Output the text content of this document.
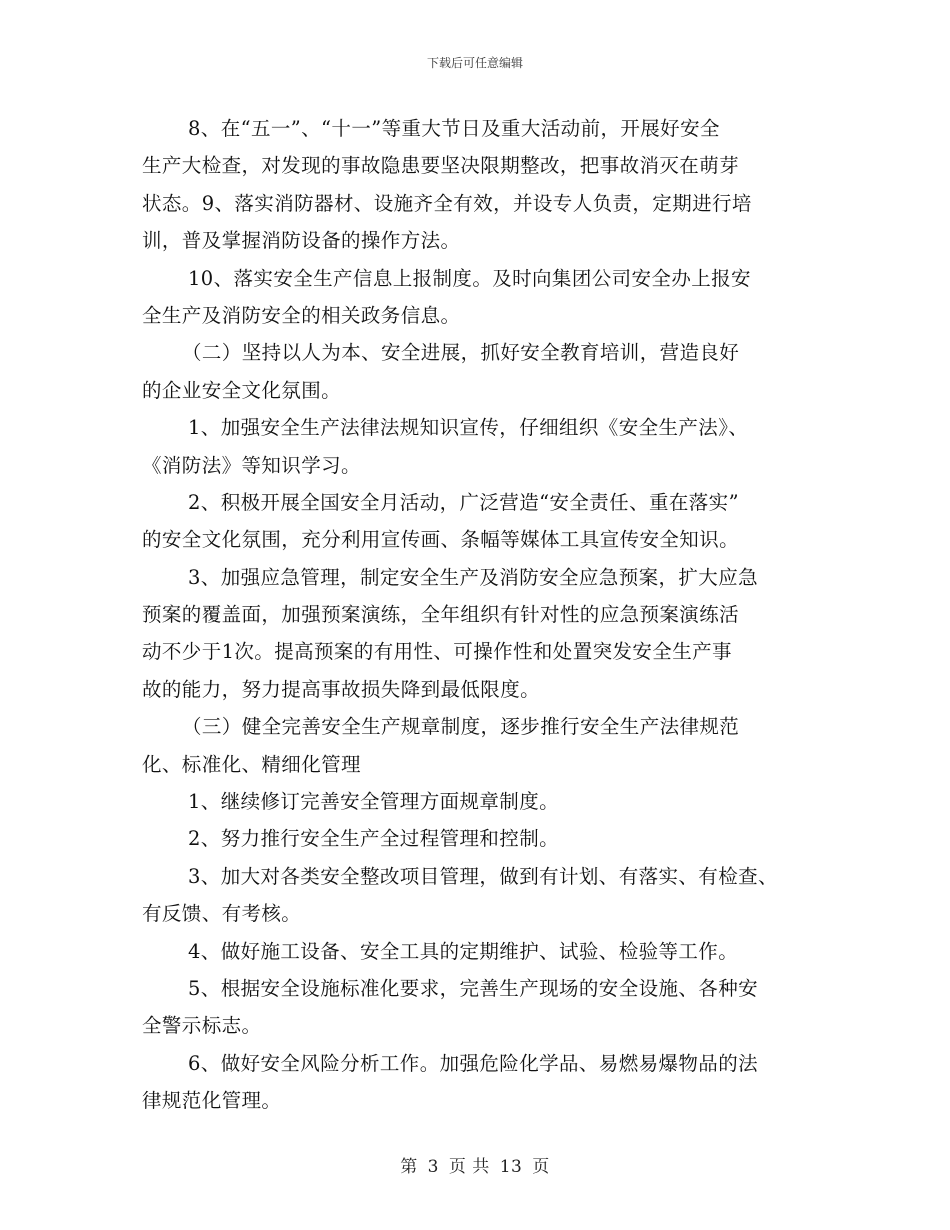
下载后可任意编辑
8、在“五一”、“十一”等重大节日及重大活动前，开展好安全
生产大检查，对发现的事故隐患要坚决限期整改，把事故消灭在萌芽
状态。9、落实消防器材、设施齐全有效，并设专人负责，定期进行培
训，普及掌握消防设备的操作方法。
10、落实安全生产信息上报制度。及时向集团公司安全办上报安
全生产及消防安全的相关政务信息。
（二）坚持以人为本、安全进展，抓好安全教育培训，营造良好
的企业安全文化氛围。
1、加强安全生产法律法规知识宣传，仔细组织《安全生产法》、
《消防法》等知识学习。
2、积极开展全国安全月活动，广泛营造“安全责任、重在落实”
的安全文化氛围，充分利用宣传画、条幅等媒体工具宣传安全知识。
3、加强应急管理，制定安全生产及消防安全应急预案，扩大应急
预案的覆盖面，加强预案演练，全年组织有针对性的应急预案演练活
动不少于1次。提高预案的有用性、可操作性和处置突发安全生产事
故的能力，努力提高事故损失降到最低限度。
（三）健全完善安全生产规章制度，逐步推行安全生产法律规范
化、标准化、精细化管理
1、继续修订完善安全管理方面规章制度。
2、努力推行安全生产全过程管理和控制。
3、加大对各类安全整改项目管理，做到有计划、有落实、有检查、
有反馈、有考核。
4、做好施工设备、安全工具的定期维护、试验、检验等工作。
5、根据安全设施标准化要求，完善生产现场的安全设施、各种安
全警示标志。
6、做好安全风险分析工作。加强危险化学品、易燃易爆物品的法
律规范化管理。
第 3 页 共 13 页
